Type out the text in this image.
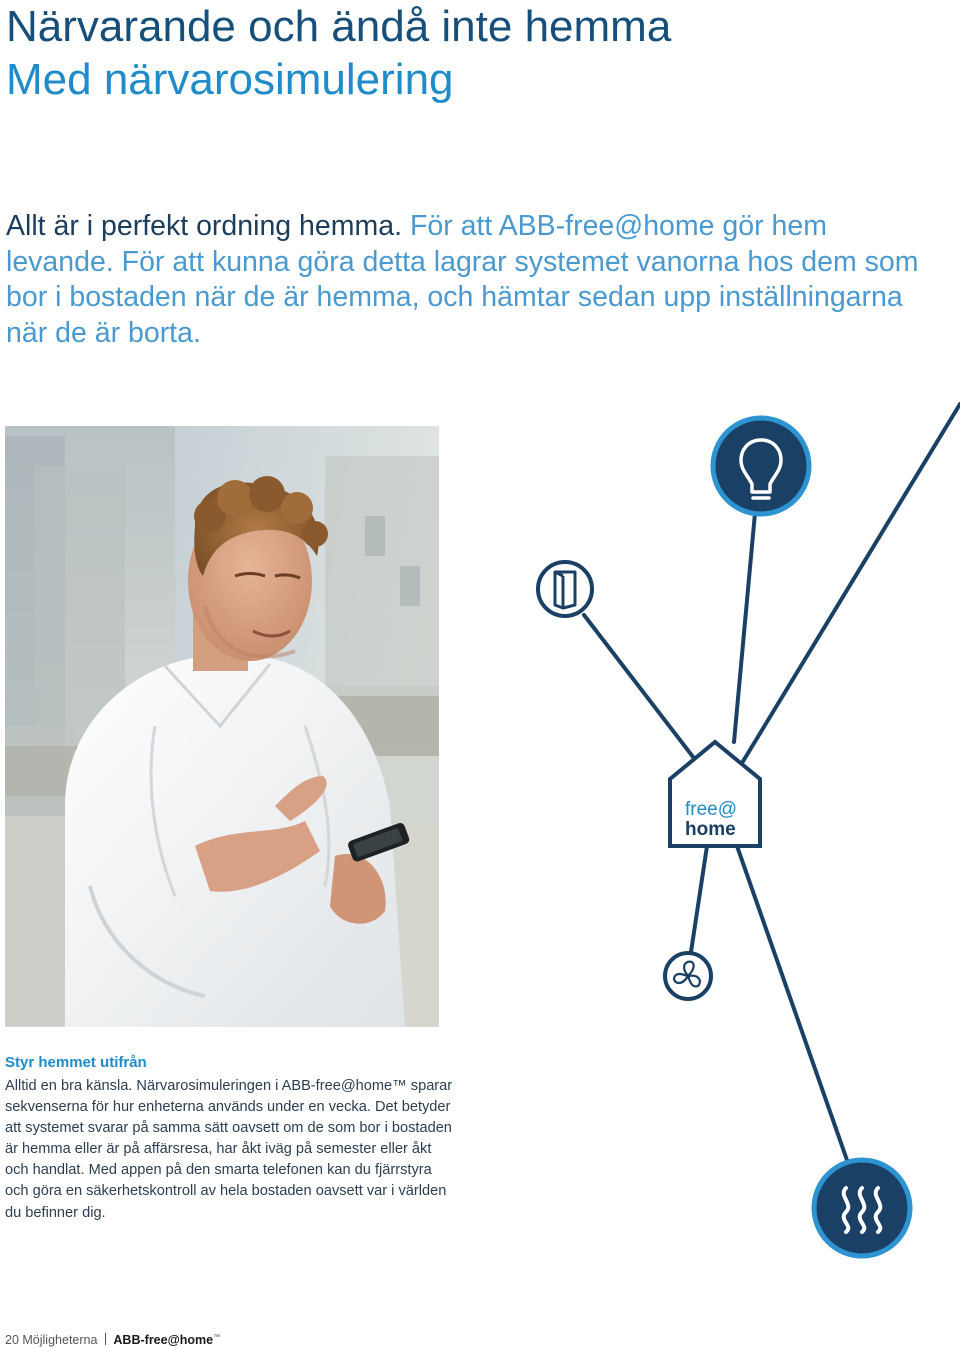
Närvarande och ändå inte hemma
Med närvarosimulering

Allt är i perfekt ordning hemma. För att ABB-free@home gör hem levande. För att kunna göra detta lagrar systemet vanorna hos dem som bor i bostaden när de är hemma, och hämtar sedan upp inställningarna när de är borta.

free@
home

Styr hemmet utifrån

Alltid en bra känsla. Närvarosimuleringen i ABB-free@home™ sparar sekvenserna för hur enheterna används under en vecka. Det betyder att systemet svarar på samma sätt oavsett om de som bor i bostaden är hemma eller är på affärsresa, har åkt iväg på semester eller åkt och handlat. Med appen på den smarta telefonen kan du fjärrstyra och göra en säkerhetskontroll av hela bostaden oavsett var i världen du befinner dig.

20 Möjligheterna ABB-free@home™
